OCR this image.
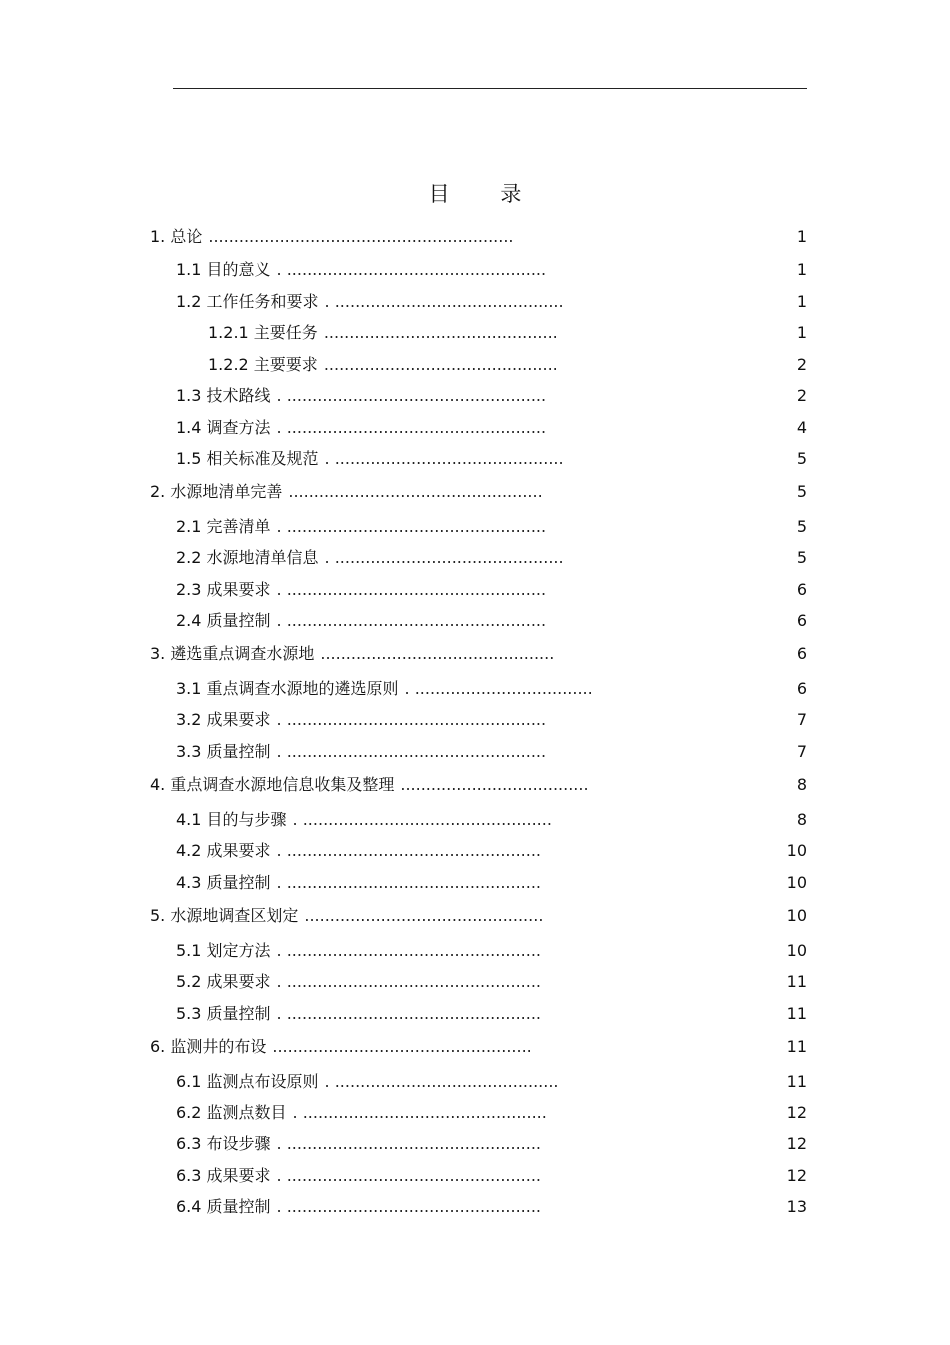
目 录
1. 总论 ............................................................	1
1.1 目的意义 . ...................................................	1
1.2 工作任务和要求 . .............................................	1
1.2.1 主要任务 ..............................................	1
1.2.2 主要要求 ..............................................	2
1.3 技术路线 . ...................................................	2
1.4 调查方法 . ...................................................	4
1.5 相关标准及规范 . .............................................	5
2. 水源地清单完善 ..................................................	5
2.1 完善清单 . ...................................................	5
2.2 水源地清单信息 . .............................................	5
2.3 成果要求 . ...................................................	6
2.4 质量控制 . ...................................................	6
3. 遴选重点调查水源地 ..............................................	6
3.1 重点调查水源地的遴选原则 . ...................................	6
3.2 成果要求 . ...................................................	7
3.3 质量控制 . ...................................................	7
4. 重点调查水源地信息收集及整理 .....................................	8
4.1 目的与步骤 . .................................................	8
4.2 成果要求 . ..................................................	10
4.3 质量控制 . ..................................................	10
5. 水源地调查区划定 ...............................................	10
5.1 划定方法 . ..................................................	10
5.2 成果要求 . ..................................................	11
5.3 质量控制 . ..................................................	11
6. 监测井的布设 ...................................................	11
6.1 监测点布设原则 . ............................................	11
6.2 监测点数目 . ................................................	12
6.3 布设步骤 . ..................................................	12
6.3 成果要求 . ..................................................	12
6.4 质量控制 . ..................................................	13
